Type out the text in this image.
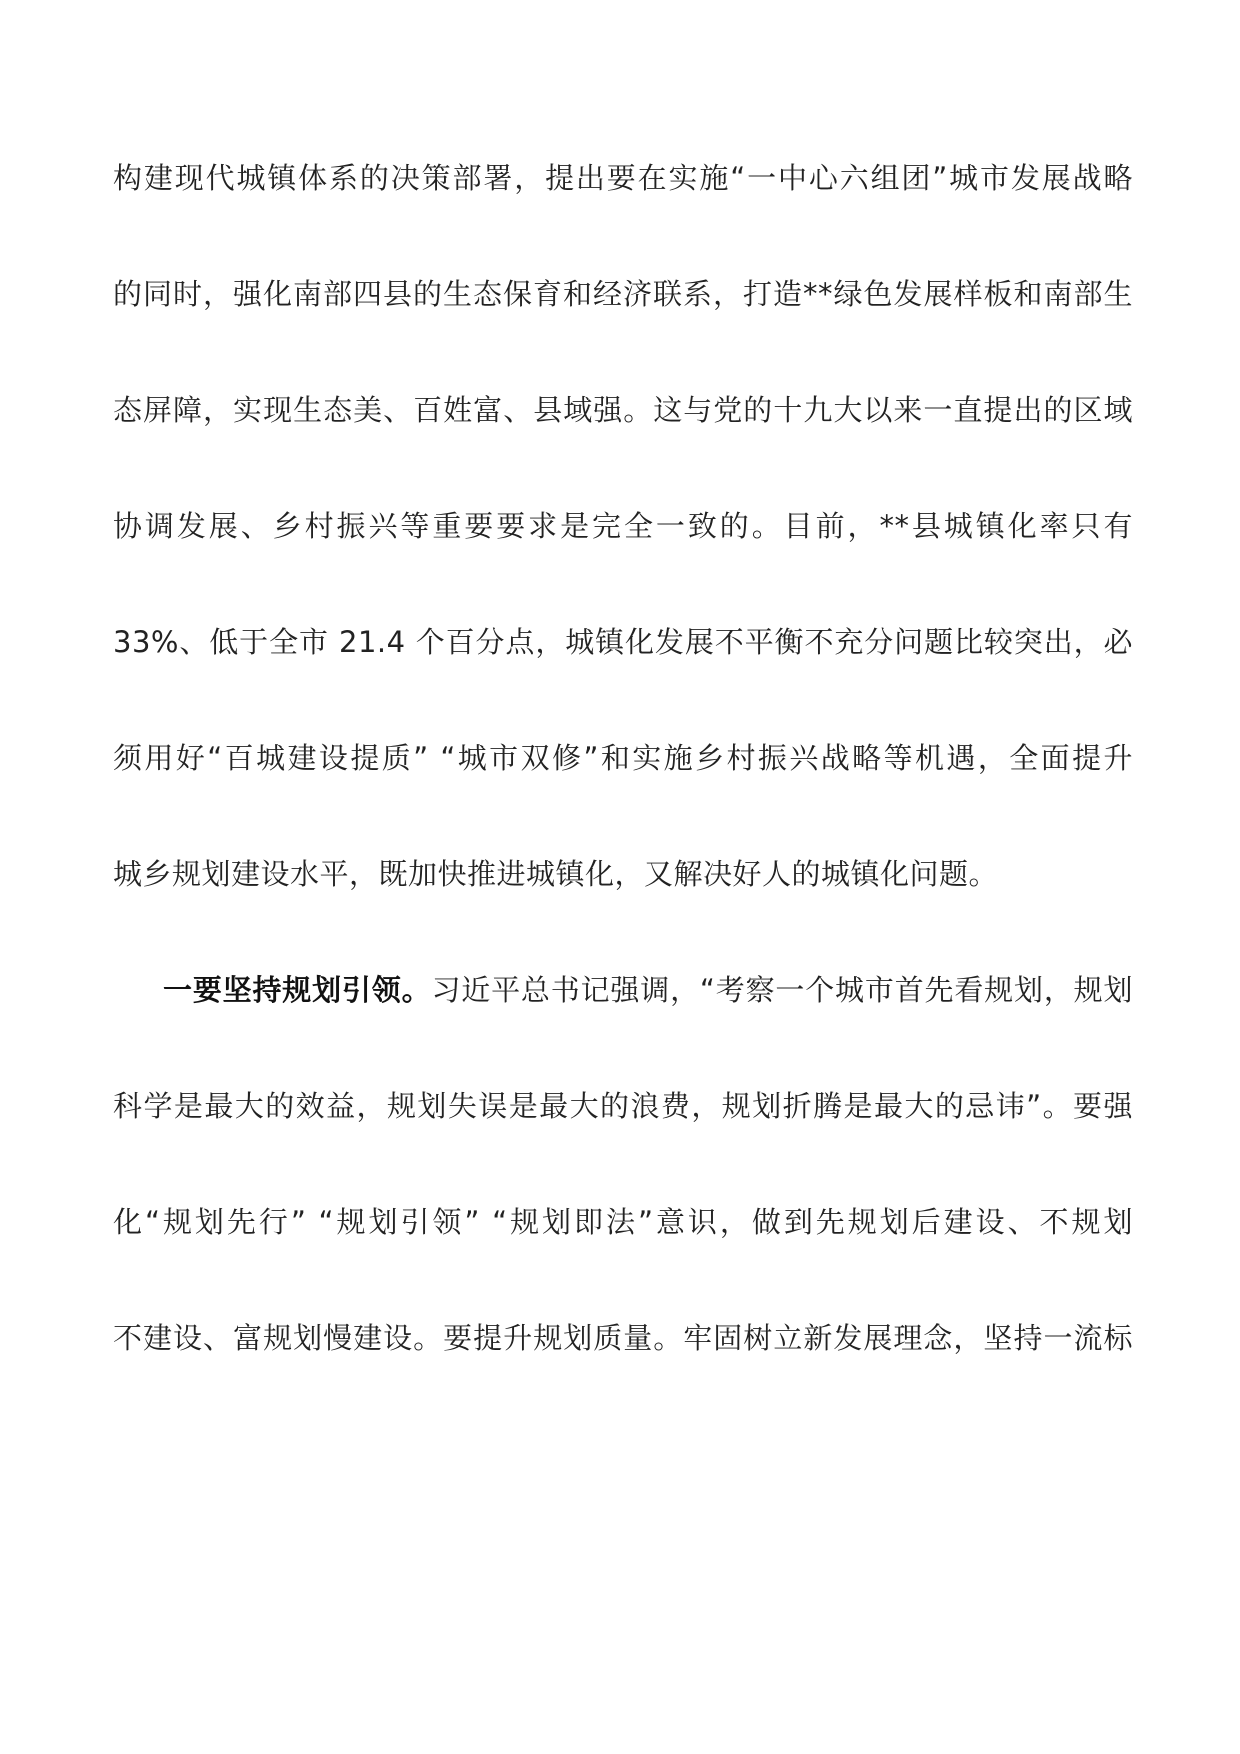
构建现代城镇体系的决策部署，提出要在实施“一中心六组团”城市发展战略
的同时，强化南部四县的生态保育和经济联系，打造**绿色发展样板和南部生
态屏障，实现生态美、百姓富、县域强。这与党的十九大以来一直提出的区域
协调发展、乡村振兴等重要要求是完全一致的。目前，**县城镇化率只有
33%、低于全市 21.4 个百分点，城镇化发展不平衡不充分问题比较突出，必
须用好“百城建设提质” “城市双修”和实施乡村振兴战略等机遇，全面提升
城乡规划建设水平，既加快推进城镇化，又解决好人的城镇化问题。
一要坚持规划引领。习近平总书记强调，“考察一个城市首先看规划，规划
科学是最大的效益，规划失误是最大的浪费，规划折腾是最大的忌讳”。要强
化“规划先行” “规划引领” “规划即法”意识，做到先规划后建设、不规划
不建设、富规划慢建设。要提升规划质量。牢固树立新发展理念，坚持一流标
